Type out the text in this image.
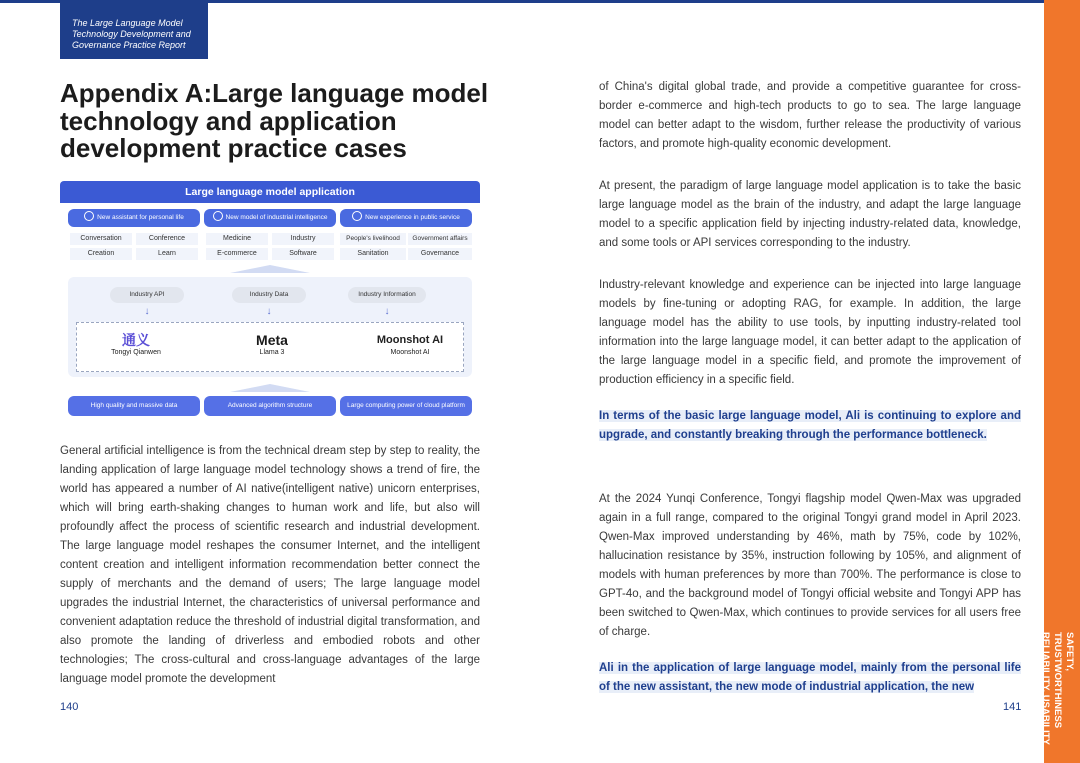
The Large Language Model
Technology Development and
Governance Practice Report
SAFETY, TRUSTWORTHINESS
RELIABILITY, USABILITY
Appendix A:Large language model technology and application development practice cases
Large language model application
New assistant for personal life	New model of industrial intelligence	New experience in public service
Conversation	Conference
Creation	Learn
Medicine	Industry
E-commerce	Software
People's livelihood	Government affairs
Sanitation	Governance
Industry API	Industry Data	Industry Information
↓	↓	↓
通义
Tongyi Qianwen
Meta
Llama 3
Moonshot AI
Moonshot AI
High quality and massive data	Advanced algorithm structure	Large computing power of cloud platform

General artificial intelligence is from the technical dream step by step to reality, the landing application of large language model technology shows a trend of fire, the world has appeared a number of AI native(intelligent native) unicorn enterprises, which will bring earth-shaking changes to human work and life, but also will profoundly affect the process of scientific research and industrial development. The large language model reshapes the consumer Internet, and the intelligent content creation and intelligent information recommendation better connect the supply of merchants and the demand of users; The large language model upgrades the industrial Internet, the characteristics of universal performance and convenient adaptation reduce the threshold of industrial digital transformation, and also promote the landing of driverless and embodied robots and other technologies; The cross-cultural and cross-language advantages of the large language model promote the development

140

of China's digital global trade, and provide a competitive guarantee for cross-border e-commerce and high-tech products to go to sea. The large language model can better adapt to the wisdom, further release the productivity of various factors, and promote high-quality economic development.

At present, the paradigm of large language model application is to take the basic large language model as the brain of the industry, and adapt the large language model to a specific application field by injecting industry-related data, knowledge, and some tools or API services corresponding to the industry.

Industry-relevant knowledge and experience can be injected into large language models by fine-tuning or adopting RAG, for example. In addition, the large language model has the ability to use tools, by inputting industry-related tool information into the large language model, it can better adapt to the application of the large language model in a specific field, and promote the improvement of production efficiency in a specific field.

In terms of the basic large language model, Ali is continuing to explore and upgrade, and constantly breaking through the performance bottleneck.

At the 2024 Yunqi Conference, Tongyi flagship model Qwen-Max was upgraded again in a full range, compared to the original Tongyi grand model in April 2023. Qwen-Max improved understanding by 46%, math by 75%, code by 102%, hallucination resistance by 35%, instruction following by 105%, and alignment of models with human preferences by more than 700%. The performance is close to GPT-4o, and the background model of Tongyi official website and Tongyi APP has been switched to Qwen-Max, which continues to provide services for all users free of charge.

Ali in the application of large language model, mainly from the personal life of the new assistant, the new mode of industrial application, the new

141
